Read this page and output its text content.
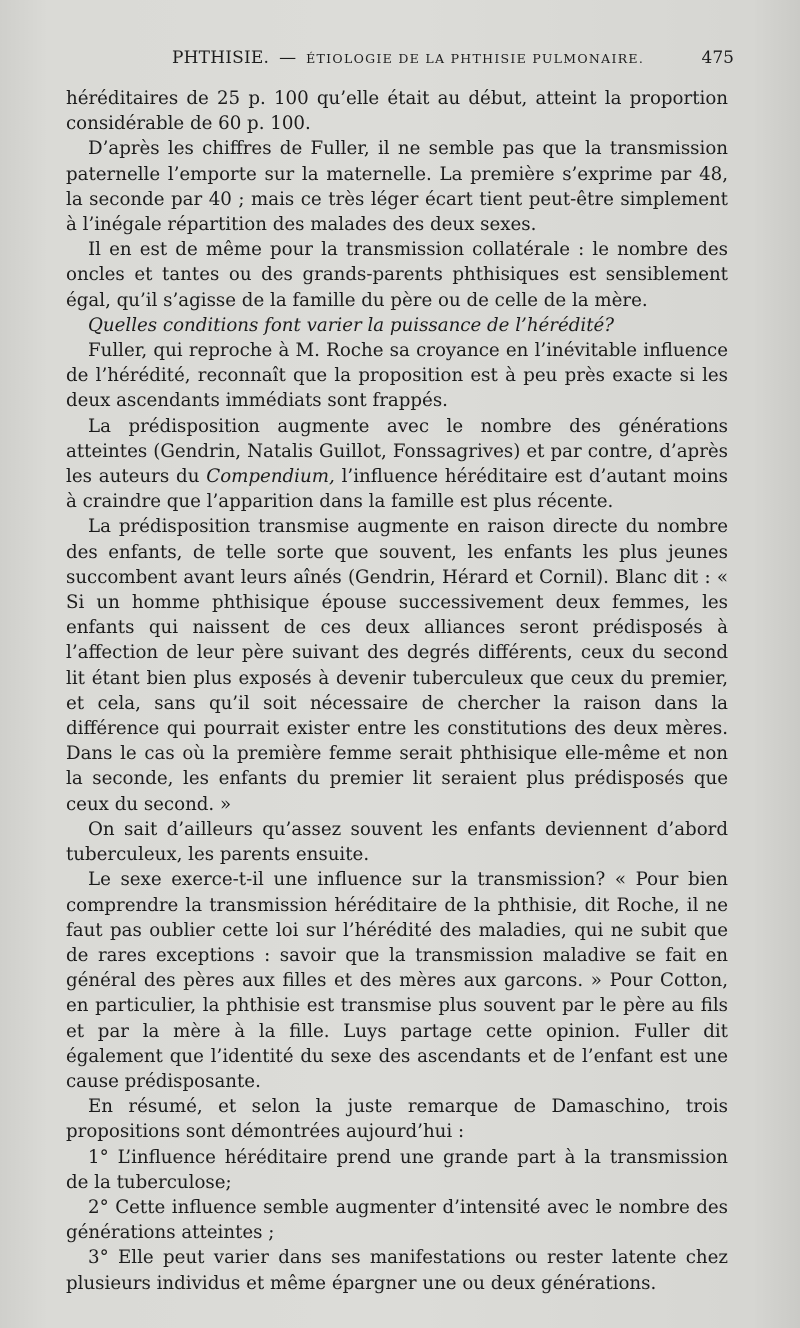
PHTHISIE. — ÉTIOLOGIE DE LA PHTHISIE PULMONAIRE.	475

héréditaires de 25 p. 100 qu’elle était au début, atteint la proportion considérable de 60 p. 100.

D’après les chiffres de Fuller, il ne semble pas que la transmission paternelle l’emporte sur la maternelle. La première s’exprime par 48, la seconde par 40 ; mais ce très léger écart tient peut-être simplement à l’inégale répartition des malades des deux sexes.

Il en est de même pour la transmission collatérale : le nombre des oncles et tantes ou des grands-parents phthisiques est sensiblement égal, qu’il s’agisse de la famille du père ou de celle de la mère.

Quelles conditions font varier la puissance de l’hérédité?

Fuller, qui reproche à M. Roche sa croyance en l’inévitable influence de l’hérédité, reconnaît que la proposition est à peu près exacte si les deux ascendants immédiats sont frappés.

La prédisposition augmente avec le nombre des générations atteintes (Gendrin, Natalis Guillot, Fonssagrives) et par contre, d’après les auteurs du Compendium, l’influence héréditaire est d’autant moins à craindre que l’apparition dans la famille est plus récente.

La prédisposition transmise augmente en raison directe du nombre des enfants, de telle sorte que souvent, les enfants les plus jeunes succombent avant leurs aînés (Gendrin, Hérard et Cornil). Blanc dit : « Si un homme phthisique épouse successivement deux femmes, les enfants qui naissent de ces deux alliances seront prédisposés à l’affection de leur père suivant des degrés différents, ceux du second lit étant bien plus exposés à devenir tuberculeux que ceux du premier, et cela, sans qu’il soit nécessaire de chercher la raison dans la différence qui pourrait exister entre les constitutions des deux mères. Dans le cas où la première femme serait phthisique elle-même et non la seconde, les enfants du premier lit seraient plus prédisposés que ceux du second. »

On sait d’ailleurs qu’assez souvent les enfants deviennent d’abord tuberculeux, les parents ensuite.

Le sexe exerce-t-il une influence sur la transmission? « Pour bien comprendre la transmission héréditaire de la phthisie, dit Roche, il ne faut pas oublier cette loi sur l’hérédité des maladies, qui ne subit que de rares exceptions : savoir que la transmission maladive se fait en général des pères aux filles et des mères aux garcons. » Pour Cotton, en particulier, la phthisie est transmise plus souvent par le père au fils et par la mère à la fille. Luys partage cette opinion. Fuller dit également que l’identité du sexe des ascendants et de l’enfant est une cause prédisposante.

En résumé, et selon la juste remarque de Damaschino, trois propositions sont démontrées aujourd’hui :

1° L’influence héréditaire prend une grande part à la transmission de la tuberculose;

2° Cette influence semble augmenter d’intensité avec le nombre des générations atteintes ;

3° Elle peut varier dans ses manifestations ou rester latente chez plusieurs individus et même épargner une ou deux générations.
